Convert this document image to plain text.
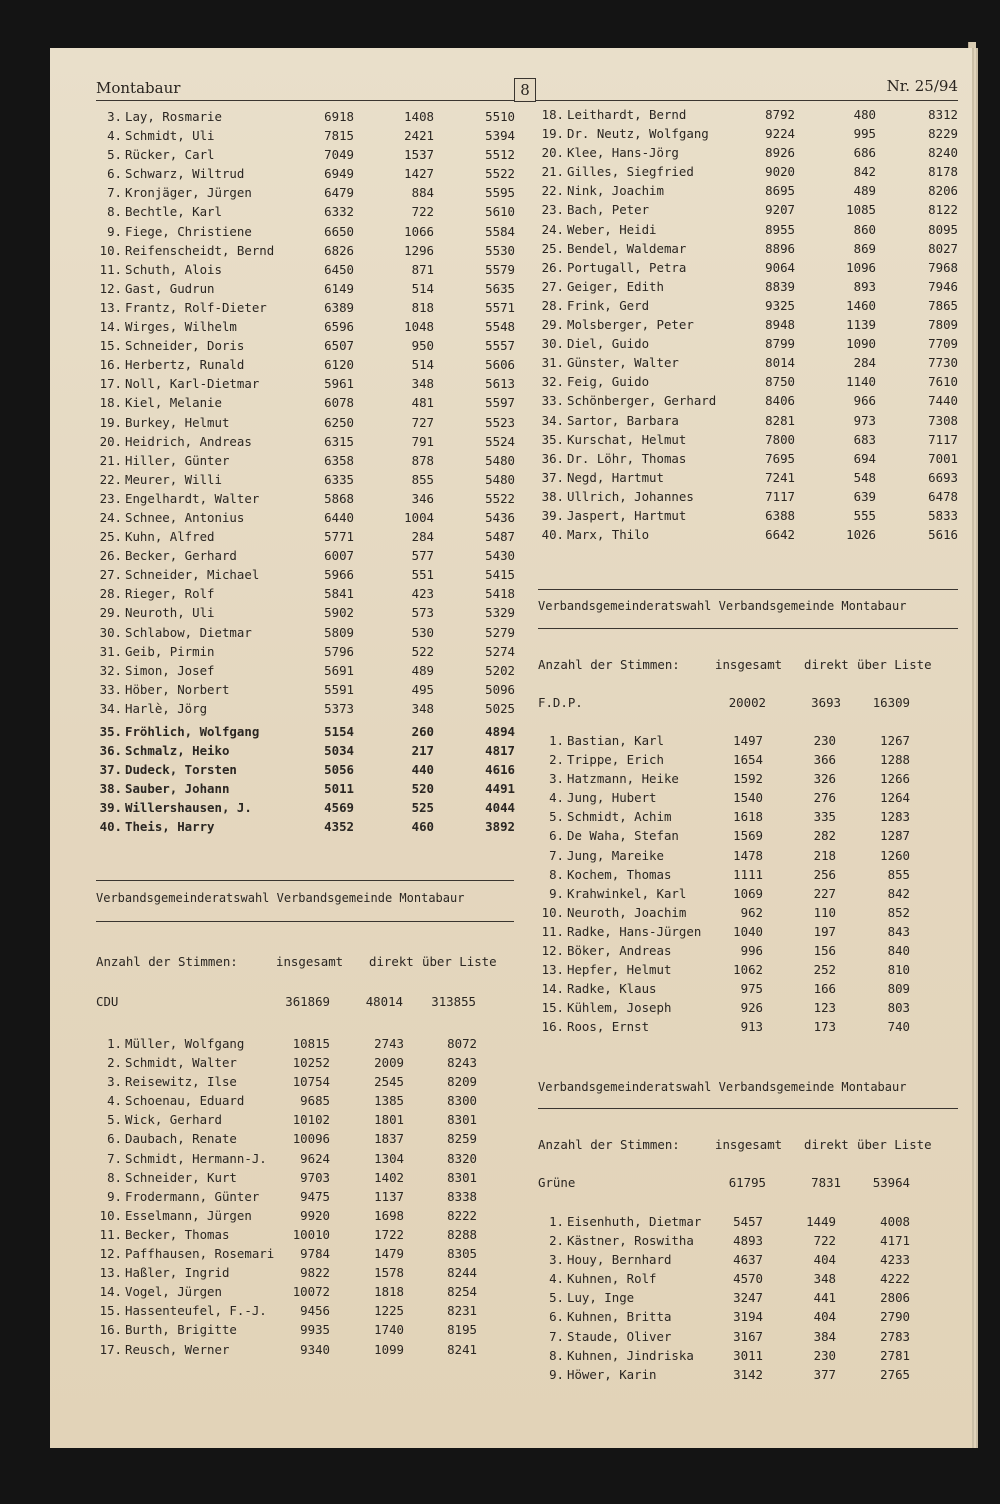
Montabaur	8	Nr. 25/94
3. Lay, Rosmarie	6918	1408	5510
4. Schmidt, Uli	7815	2421	5394
5. Rücker, Carl	7049	1537	5512
6. Schwarz, Wiltrud	6949	1427	5522
7. Kronjäger, Jürgen	6479	884	5595
8. Bechtle, Karl	6332	722	5610
9. Fiege, Christiene	6650	1066	5584
10. Reifenscheidt, Bernd	6826	1296	5530
11. Schuth, Alois	6450	871	5579
12. Gast, Gudrun	6149	514	5635
13. Frantz, Rolf-Dieter	6389	818	5571
14. Wirges, Wilhelm	6596	1048	5548
15. Schneider, Doris	6507	950	5557
16. Herbertz, Runald	6120	514	5606
17. Noll, Karl-Dietmar	5961	348	5613
18. Kiel, Melanie	6078	481	5597
19. Burkey, Helmut	6250	727	5523
20. Heidrich, Andreas	6315	791	5524
21. Hiller, Günter	6358	878	5480
22. Meurer, Willi	6335	855	5480
23. Engelhardt, Walter	5868	346	5522
24. Schnee, Antonius	6440	1004	5436
25. Kuhn, Alfred	5771	284	5487
26. Becker, Gerhard	6007	577	5430
27. Schneider, Michael	5966	551	5415
28. Rieger, Rolf	5841	423	5418
29. Neuroth, Uli	5902	573	5329
30. Schlabow, Dietmar	5809	530	5279
31. Geib, Pirmin	5796	522	5274
32. Simon, Josef	5691	489	5202
33. Höber, Norbert	5591	495	5096
34. Harlè, Jörg	5373	348	5025
35. Fröhlich, Wolfgang	5154	260	4894
36. Schmalz, Heiko	5034	217	4817
37. Dudeck, Torsten	5056	440	4616
38. Sauber, Johann	5011	520	4491
39. Willershausen, J.	4569	525	4044
40. Theis, Harry	4352	460	3892
Verbandsgemeinderatswahl Verbandsgemeinde Montabaur
Anzahl der Stimmen:	insgesamt direkt über Liste
CDU	361869	48014 313855
1. Müller, Wolfgang	10815	2743	8072
2. Schmidt, Walter	10252	2009	8243
3. Reisewitz, Ilse	10754	2545	8209
4. Schoenau, Eduard	9685	1385	8300
5. Wick, Gerhard	10102	1801	8301
6. Daubach, Renate	10096	1837	8259
7. Schmidt, Hermann-J.	9624	1304	8320
8. Schneider, Kurt	9703	1402	8301
9. Frodermann, Günter	9475	1137	8338
10. Esselmann, Jürgen	9920	1698	8222
11. Becker, Thomas	10010	1722	8288
12. Paffhausen, Rosemari	9784	1479	8305
13. Haßler, Ingrid	9822	1578	8244
14. Vogel, Jürgen	10072	1818	8254
15. Hassenteufel, F.-J.	9456	1225	8231
16. Burth, Brigitte	9935	1740	8195
17. Reusch, Werner	9340	1099	8241
18. Leithardt, Bernd	8792	480	8312
19. Dr. Neutz, Wolfgang	9224	995	8229
20. Klee, Hans-Jörg	8926	686	8240
21. Gilles, Siegfried	9020	842	8178
22. Nink, Joachim	8695	489	8206
23. Bach, Peter	9207	1085	8122
24. Weber, Heidi	8955	860	8095
25. Bendel, Waldemar	8896	869	8027
26. Portugall, Petra	9064	1096	7968
27. Geiger, Edith	8839	893	7946
28. Frink, Gerd	9325	1460	7865
29. Molsberger, Peter	8948	1139	7809
30. Diel, Guido	8799	1090	7709
31. Günster, Walter	8014	284	7730
32. Feig, Guido	8750	1140	7610
33. Schönberger, Gerhard	8406	966	7440
34. Sartor, Barbara	8281	973	7308
35. Kurschat, Helmut	7800	683	7117
36. Dr. Löhr, Thomas	7695	694	7001
37. Negd, Hartmut	7241	548	6693
38. Ullrich, Johannes	7117	639	6478
39. Jaspert, Hartmut	6388	555	5833
40. Marx, Thilo	6642	1026	5616
Verbandsgemeinderatswahl Verbandsgemeinde Montabaur
Anzahl der Stimmen:	insgesamt direkt über Liste
F.D.P.	20002	3693	16309
1. Bastian, Karl	1497	230	1267
2. Trippe, Erich	1654	366	1288
3. Hatzmann, Heike	1592	326	1266
4. Jung, Hubert	1540	276	1264
5. Schmidt, Achim	1618	335	1283
6. De Waha, Stefan	1569	282	1287
7. Jung, Mareike	1478	218	1260
8. Kochem, Thomas	1111	256	855
9. Krahwinkel, Karl	1069	227	842
10. Neuroth, Joachim	962	110	852
11. Radke, Hans-Jürgen	1040	197	843
12. Böker, Andreas	996	156	840
13. Hepfer, Helmut	1062	252	810
14. Radke, Klaus	975	166	809
15. Kühlem, Joseph	926	123	803
16. Roos, Ernst	913	173	740
Verbandsgemeinderatswahl Verbandsgemeinde Montabaur
Anzahl der Stimmen:	insgesamt direkt über Liste
Grüne	61795	7831	53964
1. Eisenhuth, Dietmar	5457	1449	4008
2. Kästner, Roswitha	4893	722	4171
3. Houy, Bernhard	4637	404	4233
4. Kuhnen, Rolf	4570	348	4222
5. Luy, Inge	3247	441	2806
6. Kuhnen, Britta	3194	404	2790
7. Staude, Oliver	3167	384	2783
8. Kuhnen, Jindriska	3011	230	2781
9. Höwer, Karin	3142	377	2765
